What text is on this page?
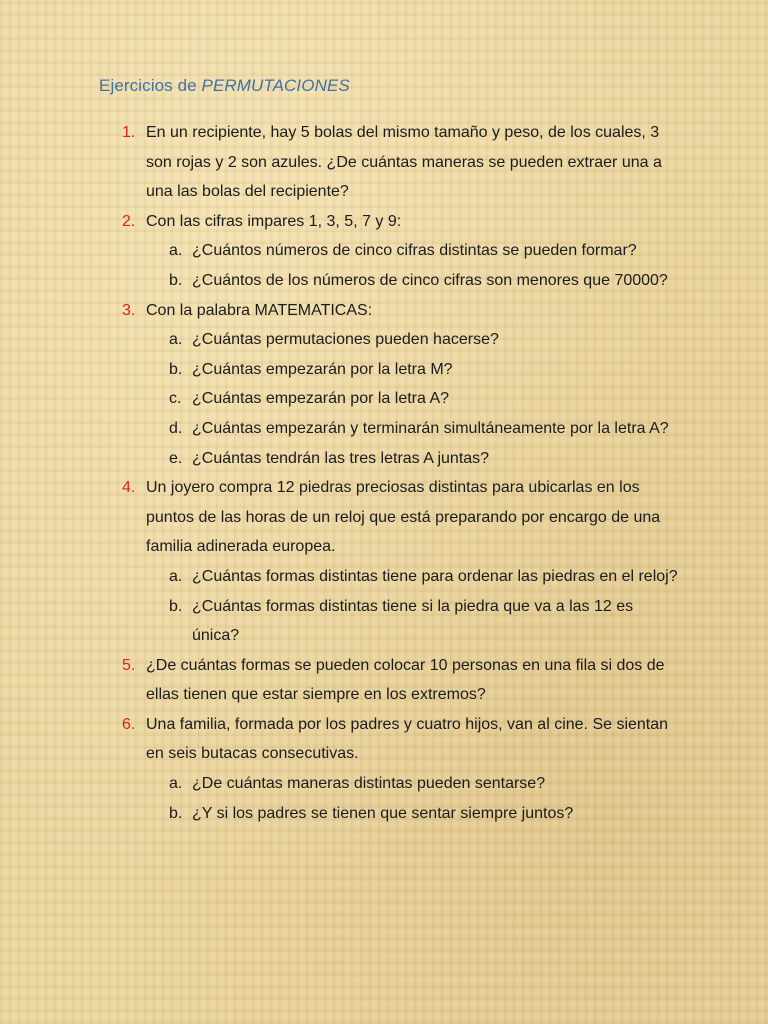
Ejercicios de PERMUTACIONES
1. En un recipiente, hay 5 bolas del mismo tamaño y peso, de los cuales, 3 son rojas y 2 son azules. ¿De cuántas maneras se pueden extraer una a una las bolas del recipiente?
2. Con las cifras impares 1, 3, 5, 7 y 9:
a. ¿Cuántos números de cinco cifras distintas se pueden formar?
b. ¿Cuántos de los números de cinco cifras son menores que 70000?
3. Con la palabra MATEMATICAS:
a. ¿Cuántas permutaciones pueden hacerse?
b. ¿Cuántas empezarán por la letra M?
c. ¿Cuántas empezarán por la letra A?
d. ¿Cuántas empezarán y terminarán simultáneamente por la letra A?
e. ¿Cuántas tendrán las tres letras A juntas?
4. Un joyero compra 12 piedras preciosas distintas para ubicarlas en los puntos de las horas de un reloj que está preparando por encargo de una familia adinerada europea.
a. ¿Cuántas formas distintas tiene para ordenar las piedras en el reloj?
b. ¿Cuántas formas distintas tiene si la piedra que va a las 12 es única?
5. ¿De cuántas formas se pueden colocar 10 personas en una fila si dos de ellas tienen que estar siempre en los extremos?
6. Una familia, formada por los padres y cuatro hijos, van al cine. Se sientan en seis butacas consecutivas.
a. ¿De cuántas maneras distintas pueden sentarse?
b. ¿Y si los padres se tienen que sentar siempre juntos?
